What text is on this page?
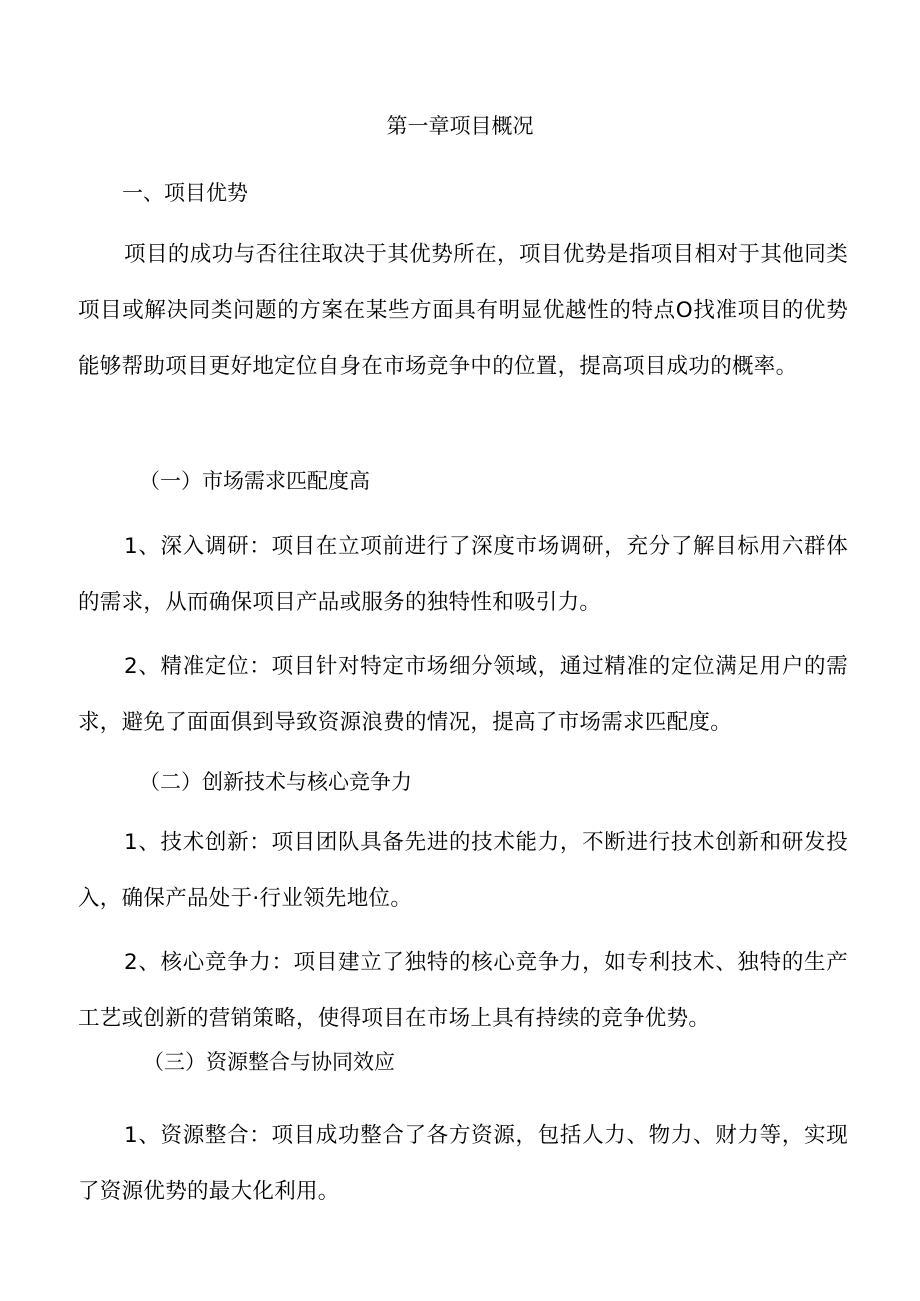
第一章项目概况
一、项目优势
项目的成功与否往往取决于其优势所在，项目优势是指项目相对于其他同类项目或解决同类问题的方案在某些方面具有明显优越性的特点O找准项目的优势能够帮助项目更好地定位自身在市场竞争中的位置，提高项目成功的概率。
（一）市场需求匹配度高
1、深入调研：项目在立项前进行了深度市场调研，充分了解目标用六群体的需求，从而确保项目产品或服务的独特性和吸引力。
2、精准定位：项目针对特定市场细分领域，通过精准的定位满足用户的需求，避免了面面俱到导致资源浪费的情况，提高了市场需求匹配度。
（二）创新技术与核心竞争力
1、技术创新：项目团队具备先进的技术能力，不断进行技术创新和研发投入，确保产品处于·行业领先地位。
2、核心竞争力：项目建立了独特的核心竞争力，如专利技术、独特的生产工艺或创新的营销策略，使得项目在市场上具有持续的竞争优势。
（三）资源整合与协同效应
1、资源整合：项目成功整合了各方资源，包括人力、物力、财力等，实现了资源优势的最大化利用。
